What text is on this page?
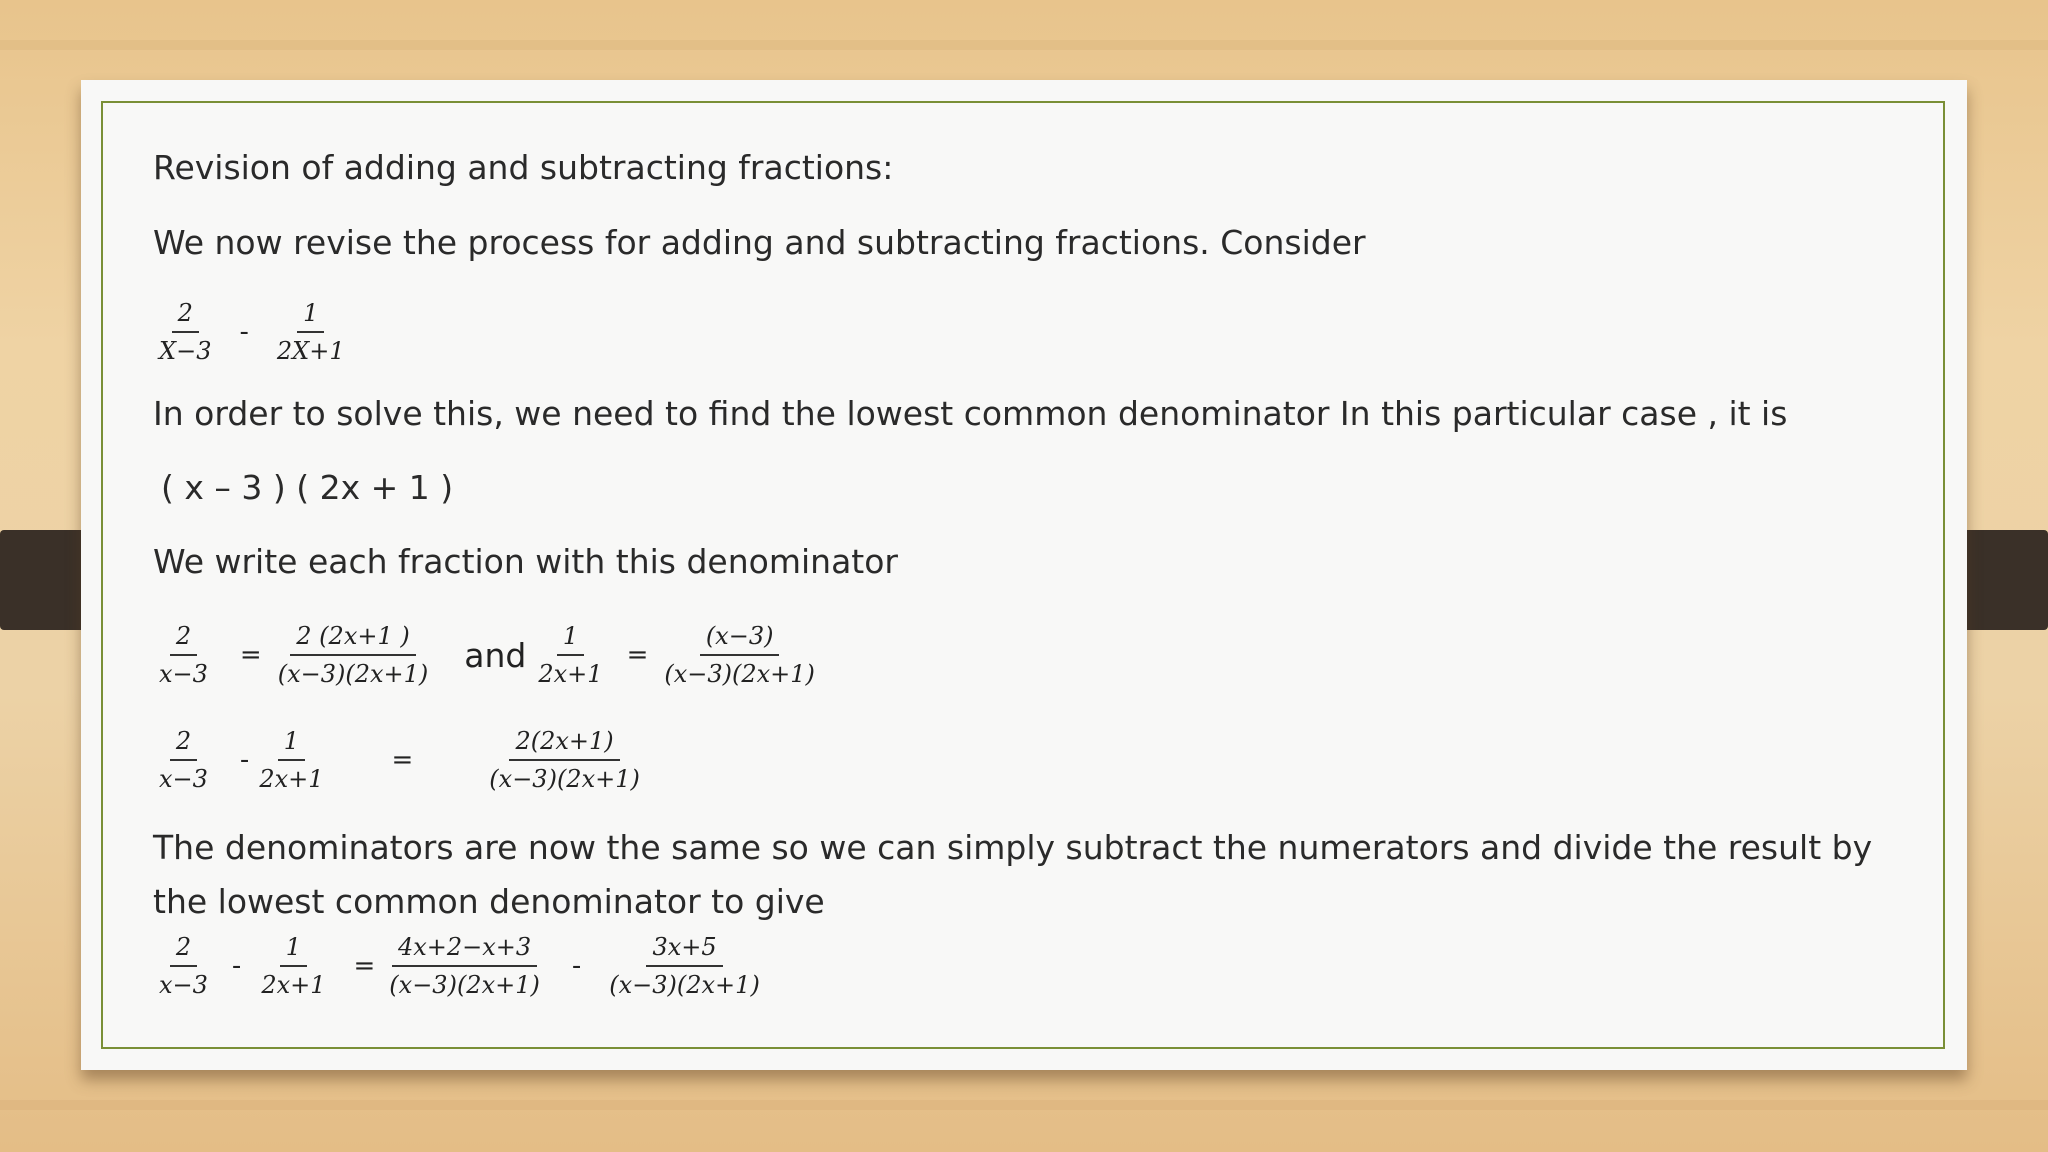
Revision of adding and subtracting fractions:

We now revise the process for adding and subtracting fractions. Consider

$\frac{2}{X-3} - \frac{1}{2X+1}$

In order to solve this, we need to find the lowest common denominator In this particular case , it is

( x – 3 ) ( 2x + 1 )

We write each fraction with this denominator

$\frac{2}{x-3} = \frac{2 (2x+1 )}{(x-3)(2x+1)}$ and $\frac{1}{2x+1} = \frac{(x-3)}{(x-3)(2x+1)}$
$\frac{2}{x-3} - \frac{1}{2x+1}$ =	$\frac{2(2x+1)}{(x-3)(2x+1)}$

The denominators are now the same so we can simply subtract the numerators and divide the result by the lowest common denominator to give

$\frac{2}{x-3} - \frac{1}{2x+1} = \frac{4x+2-x+3}{(x-3)(2x+1)} - \frac{3x+5}{(x-3)(2x+1)}$
